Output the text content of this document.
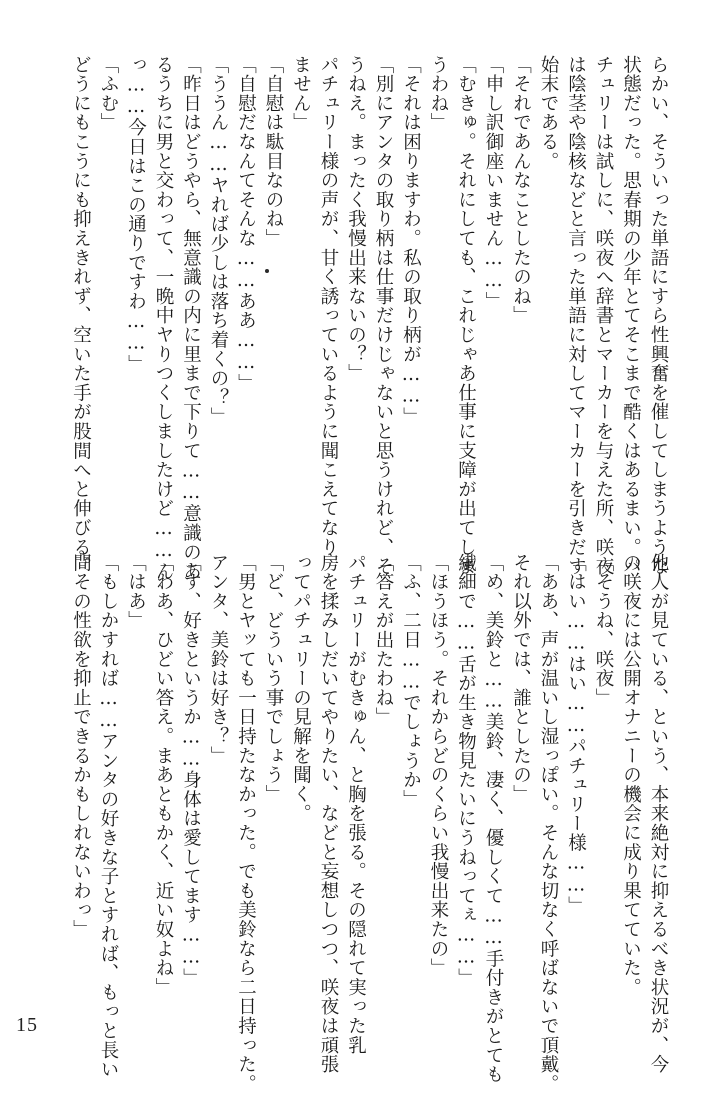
らかい、そういった単語にすら性興奮を催してしまうような
状態だった。思春期の少年とてそこまで酷くはあるまい。パ
チュリーは試しに、咲夜へ辞書とマーカーを与えた所、咲夜
は陰茎や陰核などと言った単語に対してマーカーを引きだす
始末である。
「それであんなことしたのね」
「申し訳御座いません……」
「むきゅ。それにしても、これじゃあ仕事に支障が出てしま
うわね」
「それは困りますわ。私の取り柄が……」
「別にアンタの取り柄は仕事だけじゃないと思うけれど、そ
うねえ。まったく我慢出来ないの？」
パチュリー様の声が、甘く誘っているように聞こえてなり
ません」
「自慰は駄目なのね」
「自慰だなんてそんな……ああ……」
「ううん……ヤれば少しは落ち着くの？」
「昨日はどうやら、無意識の内に里まで下りて……意識のあ
るうちに男と交わって、一晩中ヤりつくしましたけど……ん
っ……今日はこの通りですわ……」
「ふむ」
どうにもこうにも抑えきれず、空いた手が股間へと伸びる。
他人が見ている、という、本来絶対に抑えるべき状況が、今
の咲夜には公開オナニーの機会に成り果てていた。
「そうね、咲夜」
「はい……はい……パチュリー様……」
「ああ、声が温いし湿っぽい。そんな切なく呼ばないで頂戴。
それ以外では、誰としたの」
「め、美鈴と……美鈴、凄く、優しくて……手付きがとても
繊細で……舌が生き物見たいにうねってぇ……」
「ほうほう。それからどのくらい我慢出来たの」
「ふ、二日……でしょうか」
「答えが出たわね」
パチュリーがむきゅん、と胸を張る。その隠れて実った乳
房を揉みしだいてやりたい、などと妄想しつつ、咲夜は頑張
ってパチュリーの見解を聞く。
「ど、どういう事でしょう」
「男とヤッても一日持たなかった。でも美鈴なら二日持った。
アンタ、美鈴は好き？」
「す、好きというか……身体は愛してます……」
「わあ、ひどい答え。まあともかく、近い奴よね」
「はあ」
「もしかすれば……アンタの好きな子とすれば、もっと長い
間その性欲を抑止できるかもしれないわっ」
15
